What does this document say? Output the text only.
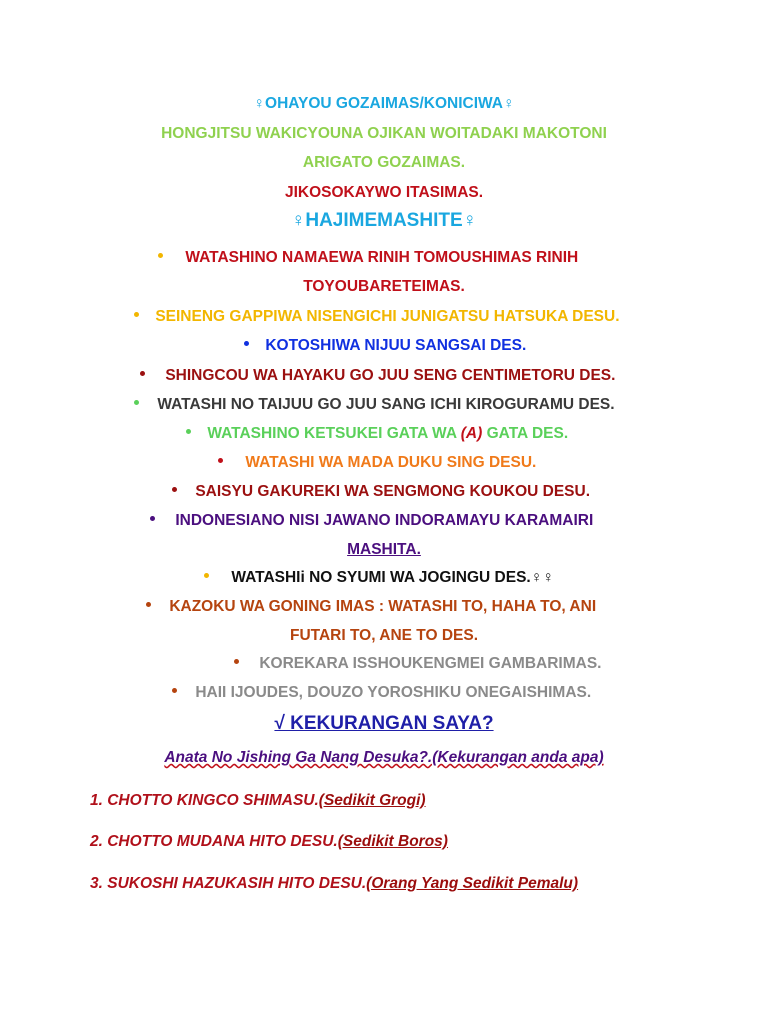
♀OHAYOU GOZAIMAS/KONICIWA♀
HONGJITSU WAKICYOUNA OJIKAN WOITADAKI MAKOTONI
ARIGATO GOZAIMAS.
JIKOSOKAYWO ITASIMAS.
♀HAJIMEMASHITE♀
WATASHINO NAMAEWA RINIH TOMOUSHIMAS RINIH
TOYOUBARETEIMAS.
SEINENG GAPPIWA NISENGICHI JUNIGATSU HATSUKA DESU.
KOTOSHIWA NIJUU SANGSAI DES.
SHINGCOU WA HAYAKU GO JUU SENG CENTIMETORU DES.
WATASHI NO TAIJUU GO JUU SANG ICHI KIROGURAMU DES.
WATASHINO KETSUKEI GATA WA (A) GATA DES.
WATASHI WA MADA DUKU SING DESU.
SAISYU GAKUREKI WA SENGMONG KOUKOU DESU.
INDONESIANO NISI JAWANO INDORAMAYU KARAMAIRI
MASHITA.
WATASHIi NO SYUMI WA JOGINGU DES.♀♀
KAZOKU WA GONING IMAS : WATASHI TO, HAHA TO, ANI
FUTARI TO, ANE TO DES.
KOREKARA ISSHOUKENGMEI GAMBARIMAS.
HAII IJOUDES, DOUZO YOROSHIKU ONEGAISHIMAS.
√ KEKURANGAN SAYA?
Anata No Jishing Ga Nang Desuka?.(Kekurangan anda apa)
1. CHOTTO KINGCO SHIMASU.(Sedikit Grogi)
2. CHOTTO MUDANA HITO DESU.(Sedikit Boros)
3. SUKOSHI HAZUKASIH HITO DESU.(Orang Yang Sedikit Pemalu)
